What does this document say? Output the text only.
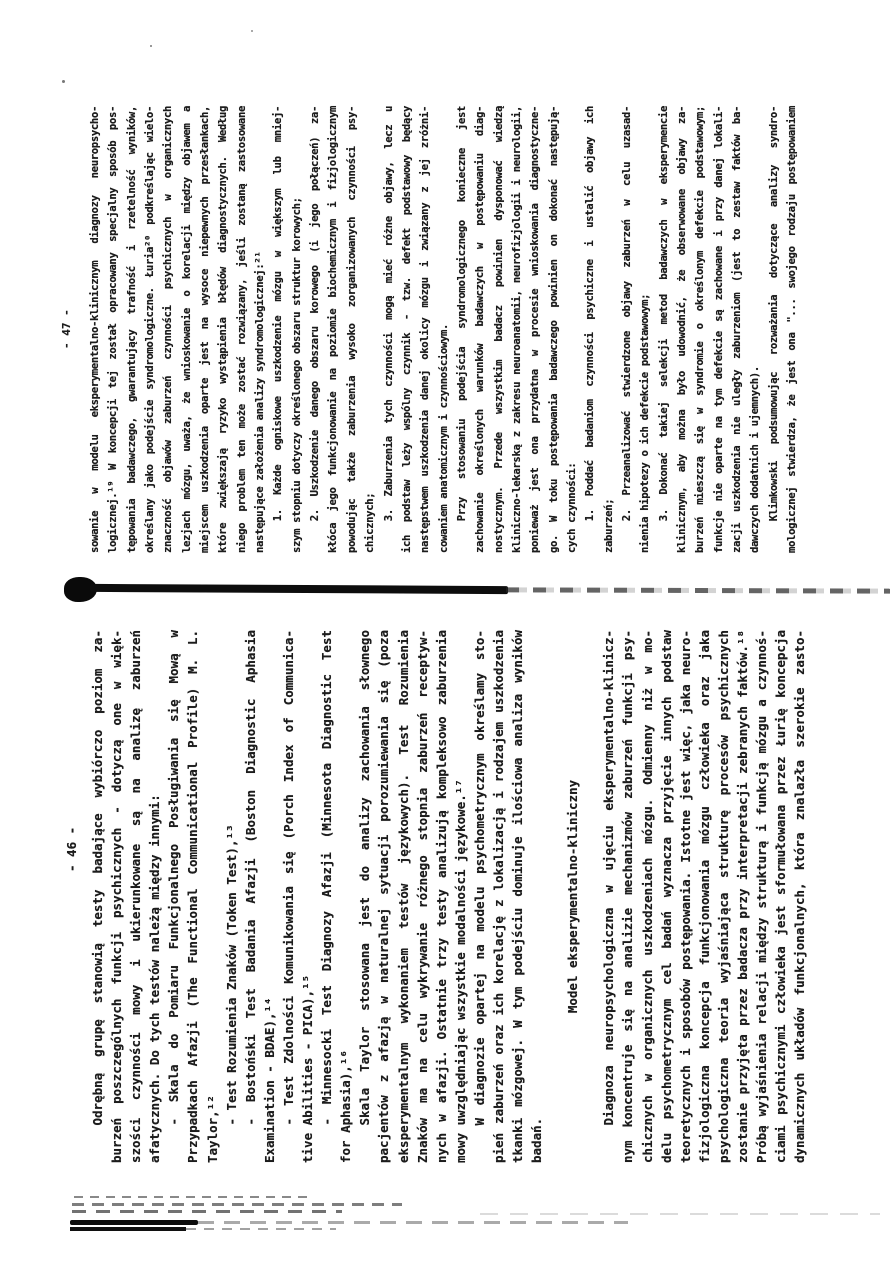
- 46 -
- 47 -
Odrębną grupę stanowią testy badające wybiórczo poziom za- burzeń poszczególnych funkcji psychicznych - dotyczą one w więk- szości czynności mowy i ukierunkowane są na analizę zaburzeń afatycznych. Do tych testów należą między innymi: - Skala do Pomiaru Funkcjonalnego Posługiwania się Mową w Przypadkach Afazji (The Functional Communicational Profile) M. L. Taylor,¹²
- Test Rozumienia Znaków (Token Test),¹³ - Bostoński Test Badania Afazji (Boston Diagnostic Aphasia Examination - BDAE),¹⁴ - Test Zdolności Komunikowania się (Porch Index of Communica- tive Abilities - PICA),¹⁵ - Minnesocki Test Diagnozy Afazji (Minnesota Diagnostic Test for Aphasia),¹⁶ Skala Taylor stosowana jest do analizy zachowania słownego pacjentów z afazją w naturalnej sytuacji porozumiewania się (poza eksperymentalnym wykonaniem testów językowych). Test Rozumienia Znaków ma na celu wykrywanie różnego stopnia zaburzeń receptyw- nych w afazji. Ostatnie trzy testy analizują kompleksowo zaburzenia mowy uwzględniając wszystkie modalności językowe.¹⁷ W diagnozie opartej na modelu psychometrycznym określamy sto- pień zaburzeń oraz ich korelację z lokalizacją i rodzajem uszkodzenia tkanki mózgowej. W tym podejściu dominuje ilościowa analiza wyników badań.
Model eksperymentalno-kliniczny Diagnoza neuropsychologiczna w ujęciu eksperymentalno-klinicz- nym koncentruje się na analizie mechanizmów zaburzeń funkcji psy- chicznych w organicznych uszkodzeniach mózgu. Odmienny niż w mo- delu psychometrycznym cel badań wyznacza przyjęcie innych podstaw teoretycznych i sposobów postępowania. Istotne jest więc, jaka neuro- fizjologiczna koncepcja funkcjonowania mózgu człowieka oraz jaka psychologiczna teoria wyjaśniająca strukturę procesów psychicznych zostanie przyjęta przez badacza przy interpretacji zebranych faktów.¹⁸ Próbą wyjaśnienia relacji między strukturą i funkcją mózgu a czynnoś- ciami psychicznymi człowieka jest sformułowana przez Łurię koncepcja dynamicznych układów funkcjonalnych, która znalazła szerokie zasto-
sowanie w modelu eksperymentalno-klinicznym diagnozy neuropsycho- logicznej.¹⁹ W koncepcji tej został opracowany specjalny sposób pos- tępowania badawczego, gwarantujący trafność i rzetelność wyników, określany jako podejście syndromologiczne. Łuria²⁰ podkreślając wielo- znaczność objawów zaburzeń czynności psychicznych w organicznych lezjach mózgu, uważa, że wnioskowanie o korelacji między objawem a miejscem uszkodzenia oparte jest na wysoce niepewnych przesłankach, które zwiększają ryzyko wystąpienia błędów diagnostycznych. Według niego problem ten może zostać rozwiązany, jeśli zostaną zastosowane następujące założenia analizy syndromologicznej:²¹ 1. Każde ogniskowe uszkodzenie mózgu w większym lub mniej- szym stopniu dotyczy określonego obszaru struktur korowych; 2. Uszkodzenie danego obszaru korowego (i jego połączeń) za- kłóca jego funkcjonowanie na poziomie biochemicznym i fizjologicznym powodując także zaburzenia wysoko zorganizowanych czynności psy- chicznych;
3. Zaburzenia tych czynności mogą mieć różne objawy, lecz u ich podstaw leży wspólny czynnik - tzw. defekt podstawowy będący następstwem uszkodzenia danej okolicy mózgu i związany z jej zróżni- cowaniem anatomicznym i czynnościowym. Przy stosowaniu podejścia syndromologicznego konieczne jest zachowanie określonych warunków badawczych w postępowaniu diag- nostycznym. Przede wszystkim badacz powinien dysponować wiedzą kliniczno-lekarską z zakresu neuroanatomii, neurofizjologii i neurologii, ponieważ jest ona przydatna w procesie wnioskowania diagnostyczne- go. W toku postępowania badawczego powinien on dokonać następują- cych czynności: 1. Poddać badaniom czynności psychiczne i ustalić objawy ich
zaburzeń;
2. Przeanalizować stwierdzone objawy zaburzeń w celu uzasad- nienia hipotezy o ich defekcie podstawowym; 3. Dokonać takiej selekcji metod badawczych w eksperymencie klinicznym, aby można było udowodnić, że obserwowane objawy za- burzeń mieszczą się w syndromie o określonym defekcie podstawowym; funkcje nie oparte na tym defekcie są zachowane i przy danej lokali- zacji uszkodzenia nie uległy zaburzeniom (jest to zestaw faktów ba- dawczych dodatnich i ujemnych). Klimkowski podsumowując rozważania dotyczące analizy syndro- mologicznej stwierdza, że jest ona "... swojego rodzaju postępowaniem
